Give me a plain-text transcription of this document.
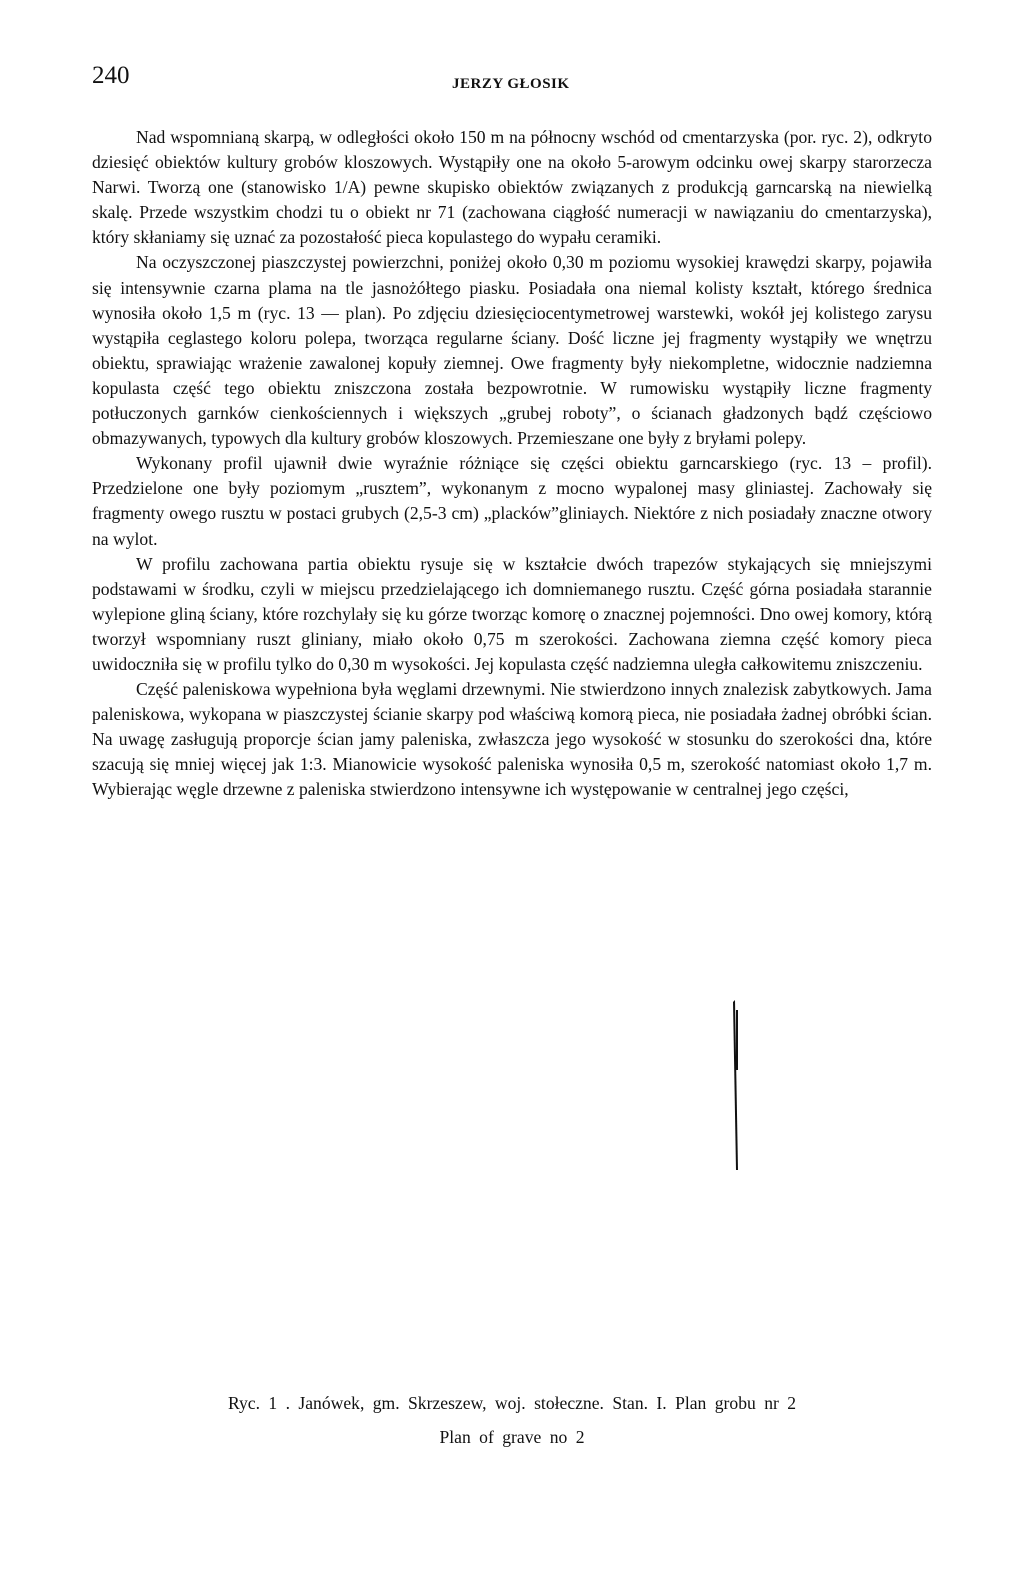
240	JERZY GŁOSIK

Nad wspomnianą skarpą, w odległości około 150 m na północny wschód od cmentarzyska (por. ryc. 2), odkryto dziesięć obiektów kultury grobów kloszowych. Wystąpiły one na około 5-arowym odcinku owej skarpy starorzecza Narwi. Tworzą one (stanowisko 1/A) pewne skupisko obiektów związanych z produkcją garncarską na niewielką skalę. Przede wszystkim chodzi tu o obiekt nr 71 (zachowana ciągłość numeracji w nawiązaniu do cmentarzyska), który skłaniamy się uznać za pozostałość pieca kopulastego do wypału ceramiki.

Na oczyszczonej piaszczystej powierzchni, poniżej około 0,30 m poziomu wysokiej krawędzi skarpy, pojawiła się intensywnie czarna plama na tle jasnożółtego piasku. Posiadała ona niemal kolisty kształt, którego średnica wynosiła około 1,5 m (ryc. 13 — plan). Po zdjęciu dziesięciocentymetrowej warstewki, wokół jej kolistego zarysu wystąpiła ceglastego koloru polepa, tworząca regularne ściany. Dość liczne jej fragmenty wystąpiły we wnętrzu obiektu, sprawiając wrażenie zawalonej kopuły ziemnej. Owe fragmenty były niekompletne, widocznie nadziemna kopulasta część tego obiektu zniszczona została bezpowrotnie. W rumowisku wystąpiły liczne fragmenty potłuczonych garnków cienkościennych i większych „grubej roboty”, o ścianach gładzonych bądź częściowo obmazywanych, typowych dla kultury grobów kloszowych. Przemieszane one były z bryłami polepy.

Wykonany profil ujawnił dwie wyraźnie różniące się części obiektu garncarskiego (ryc. 13 – profil). Przedzielone one były poziomym „rusztem”, wykonanym z mocno wypalonej masy gliniastej. Zachowały się fragmenty owego rusztu w postaci grubych (2,5-3 cm) „placków”gliniaych. Niektóre z nich posiadały znaczne otwory na wylot.

W profilu zachowana partia obiektu rysuje się w kształcie dwóch trapezów stykających się mniejszymi podstawami w środku, czyli w miejscu przedzielającego ich domniemanego rusztu. Część górna posiadała starannie wylepione gliną ściany, które rozchylały się ku górze tworząc komorę o znacznej pojemności. Dno owej komory, którą tworzył wspomniany ruszt gliniany, miało około 0,75 m szerokości. Zachowana ziemna część komory pieca uwidoczniła się w profilu tylko do 0,30 m wysokości. Jej kopulasta część nadziemna uległa całkowitemu zniszczeniu.

Część paleniskowa wypełniona była węglami drzewnymi. Nie stwierdzono innych znalezisk zabytkowych. Jama paleniskowa, wykopana w piaszczystej ścianie skarpy pod właściwą komorą pieca, nie posiadała żadnej obróbki ścian. Na uwagę zasługują proporcje ścian jamy paleniska, zwłaszcza jego wysokość w stosunku do szerokości dna, które szacują się mniej więcej jak 1:3. Mianowicie wysokość paleniska wynosiła 0,5 m, szerokość natomiast około 1,7 m. Wybierając węgle drzewne z paleniska stwierdzono intensywne ich występowanie w centralnej jego części,

Ryc. 1 . Janówek, gm. Skrzeszew, woj. stołeczne. Stan. I. Plan grobu nr 2
Plan of grave no 2
